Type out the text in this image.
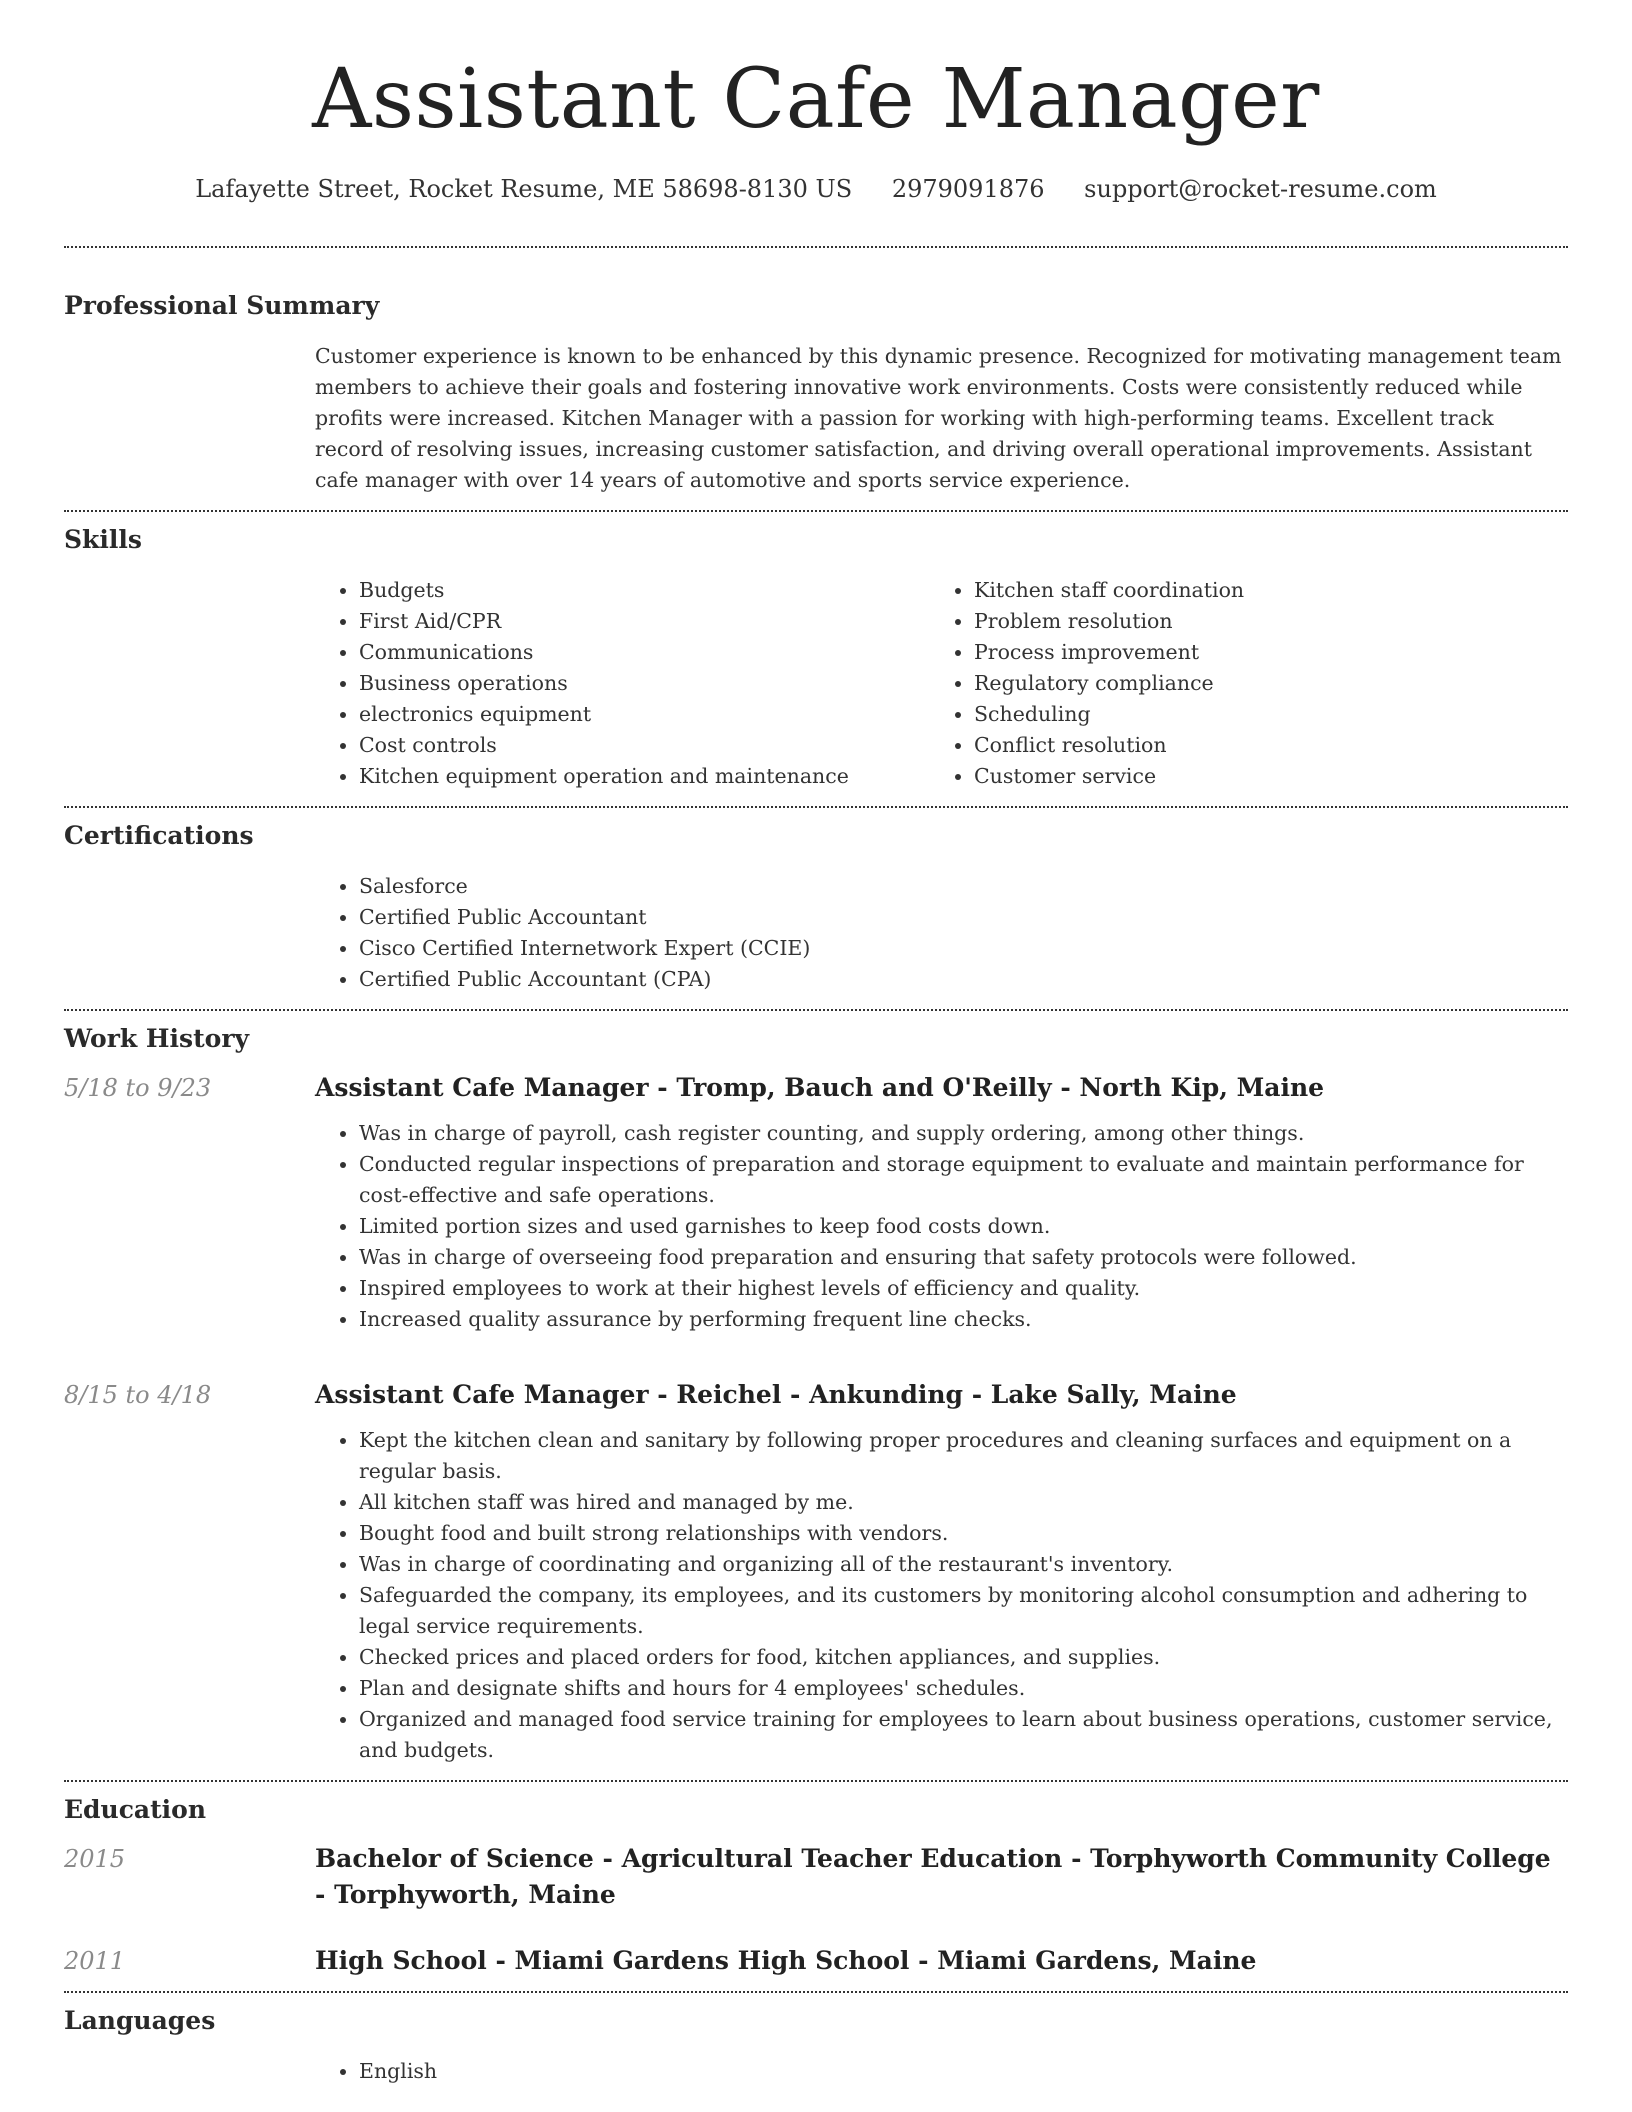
Assistant Cafe Manager
Lafayette Street, Rocket Resume, ME 58698-8130 US 2979091876 support@rocket-resume.com
Professional Summary

Customer experience is known to be enhanced by this dynamic presence. Recognized for motivating management team members to achieve their goals and fostering innovative work environments. Costs were consistently reduced while profits were increased. Kitchen Manager with a passion for working with high-performing teams. Excellent track record of resolving issues, increasing customer satisfaction, and driving overall operational improvements. Assistant cafe manager with over 14 years of automotive and sports service experience.

Skills
• Budgets
• First Aid/CPR
• Communications
• Business operations
• electronics equipment
• Cost controls
• Kitchen equipment operation and maintenance
• Kitchen staff coordination
• Problem resolution
• Process improvement
• Regulatory compliance
• Scheduling
• Conflict resolution
• Customer service
Certifications
• Salesforce
• Certified Public Accountant
• Cisco Certified Internetwork Expert (CCIE)
• Certified Public Accountant (CPA)
Work History
5/18 to 9/23	Assistant Cafe Manager - Tromp, Bauch and O'Reilly - North Kip, Maine
• Was in charge of payroll, cash register counting, and supply ordering, among other things.
• Conducted regular inspections of preparation and storage equipment to evaluate and maintain performance for cost-effective and safe operations.
• Limited portion sizes and used garnishes to keep food costs down.
• Was in charge of overseeing food preparation and ensuring that safety protocols were followed.
• Inspired employees to work at their highest levels of efficiency and quality.
• Increased quality assurance by performing frequent line checks.
8/15 to 4/18	Assistant Cafe Manager - Reichel - Ankunding - Lake Sally, Maine
• Kept the kitchen clean and sanitary by following proper procedures and cleaning surfaces and equipment on a regular basis.
• All kitchen staff was hired and managed by me.
• Bought food and built strong relationships with vendors.
• Was in charge of coordinating and organizing all of the restaurant's inventory.
• Safeguarded the company, its employees, and its customers by monitoring alcohol consumption and adhering to legal service requirements.
• Checked prices and placed orders for food, kitchen appliances, and supplies.
• Plan and designate shifts and hours for 4 employees' schedules.
• Organized and managed food service training for employees to learn about business operations, customer service, and budgets.
Education
2015	Bachelor of Science - Agricultural Teacher Education - Torphyworth Community College - Torphyworth, Maine
2011	High School - Miami Gardens High School - Miami Gardens, Maine
Languages
• English
